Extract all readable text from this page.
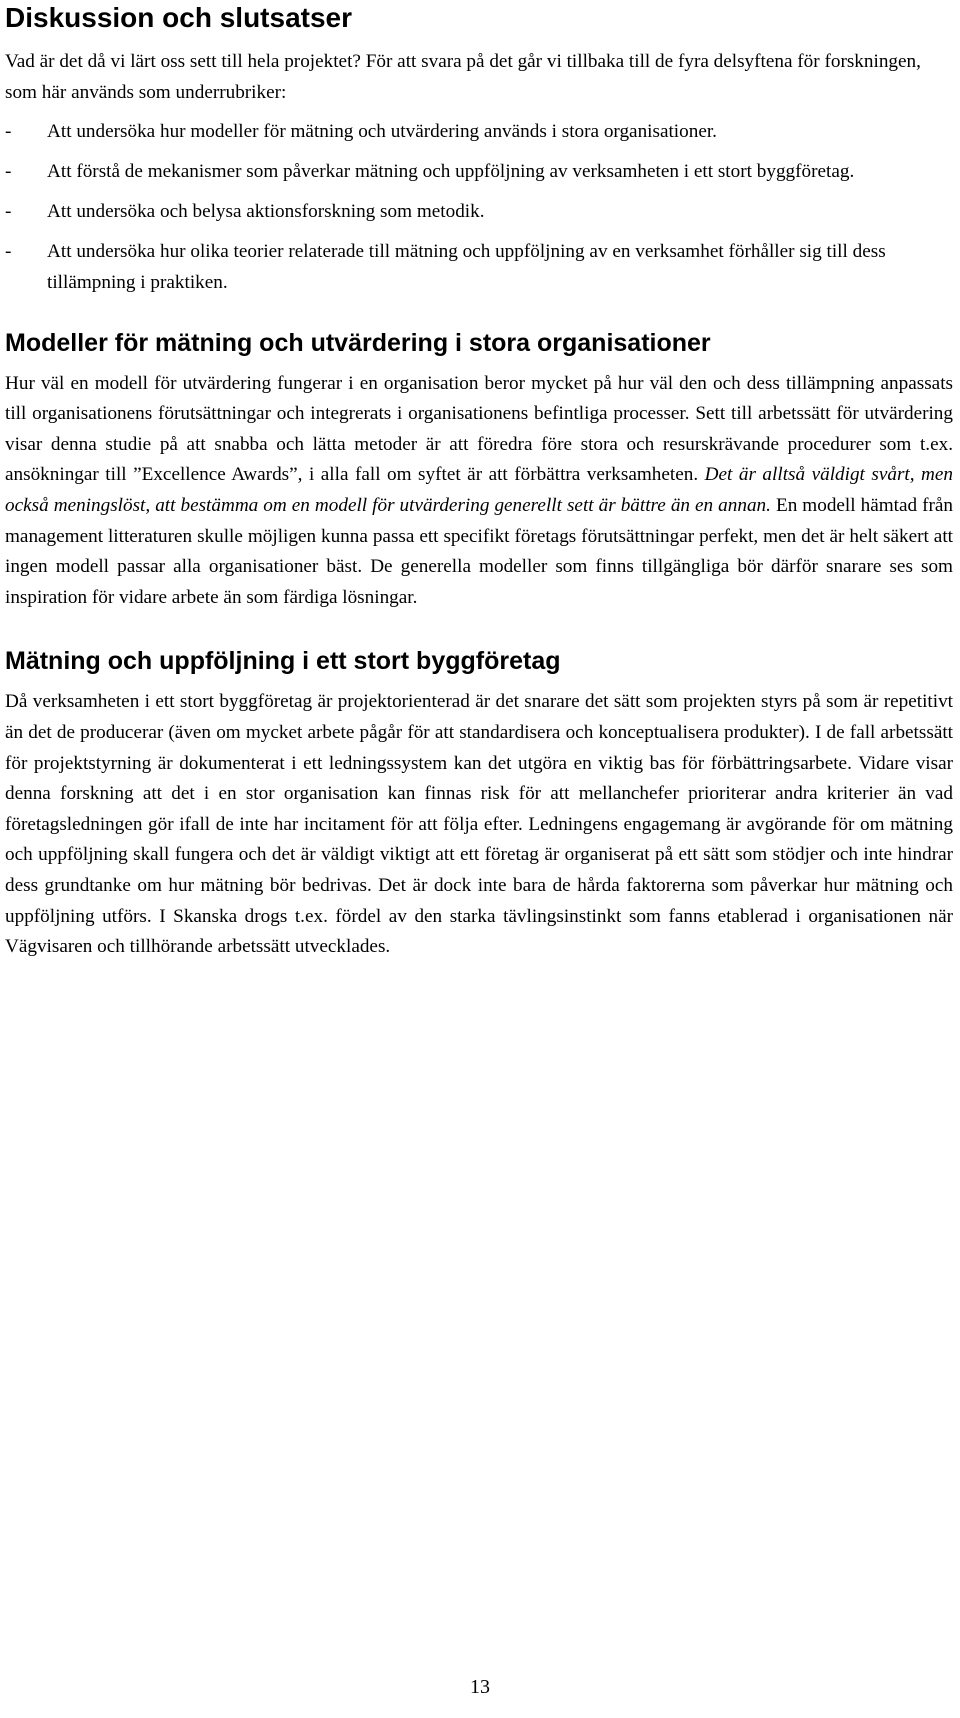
Diskussion och slutsatser

Vad är det då vi lärt oss sett till hela projektet? För att svara på det går vi tillbaka till de fyra delsyftena för forskningen, som här används som underrubriker:

-	Att undersöka hur modeller för mätning och utvärdering används i stora organisationer.
-	Att förstå de mekanismer som påverkar mätning och uppföljning av verksamheten i ett stort byggföretag.
-	Att undersöka och belysa aktionsforskning som metodik.
-	Att undersöka hur olika teorier relaterade till mätning och uppföljning av en verksamhet förhåller sig till dess tillämpning i praktiken.
Modeller för mätning och utvärdering i stora organisationer

Hur väl en modell för utvärdering fungerar i en organisation beror mycket på hur väl den och dess tillämpning anpassats till organisationens förutsättningar och integrerats i organisationens befintliga processer. Sett till arbetssätt för utvärdering visar denna studie på att snabba och lätta metoder är att föredra före stora och resurskrävande procedurer som t.ex. ansökningar till ”Excellence Awards”, i alla fall om syftet är att förbättra verksamheten. Det är alltså väldigt svårt, men också meningslöst, att bestämma om en modell för utvärdering generellt sett är bättre än en annan. En modell hämtad från management litteraturen skulle möjligen kunna passa ett specifikt företags förutsättningar perfekt, men det är helt säkert att ingen modell passar alla organisationer bäst. De generella modeller som finns tillgängliga bör därför snarare ses som inspiration för vidare arbete än som färdiga lösningar.

Mätning och uppföljning i ett stort byggföretag

Då verksamheten i ett stort byggföretag är projektorienterad är det snarare det sätt som projekten styrs på som är repetitivt än det de producerar (även om mycket arbete pågår för att standardisera och konceptualisera produkter). I de fall arbetssätt för projektstyrning är dokumenterat i ett ledningssystem kan det utgöra en viktig bas för förbättringsarbete. Vidare visar denna forskning att det i en stor organisation kan finnas risk för att mellanchefer prioriterar andra kriterier än vad företagsledningen gör ifall de inte har incitament för att följa efter. Ledningens engagemang är avgörande för om mätning och uppföljning skall fungera och det är väldigt viktigt att ett företag är organiserat på ett sätt som stödjer och inte hindrar dess grundtanke om hur mätning bör bedrivas. Det är dock inte bara de hårda faktorerna som påverkar hur mätning och uppföljning utförs. I Skanska drogs t.ex. fördel av den starka tävlingsinstinkt som fanns etablerad i organisationen när Vägvisaren och tillhörande arbetssätt utvecklades.

13
